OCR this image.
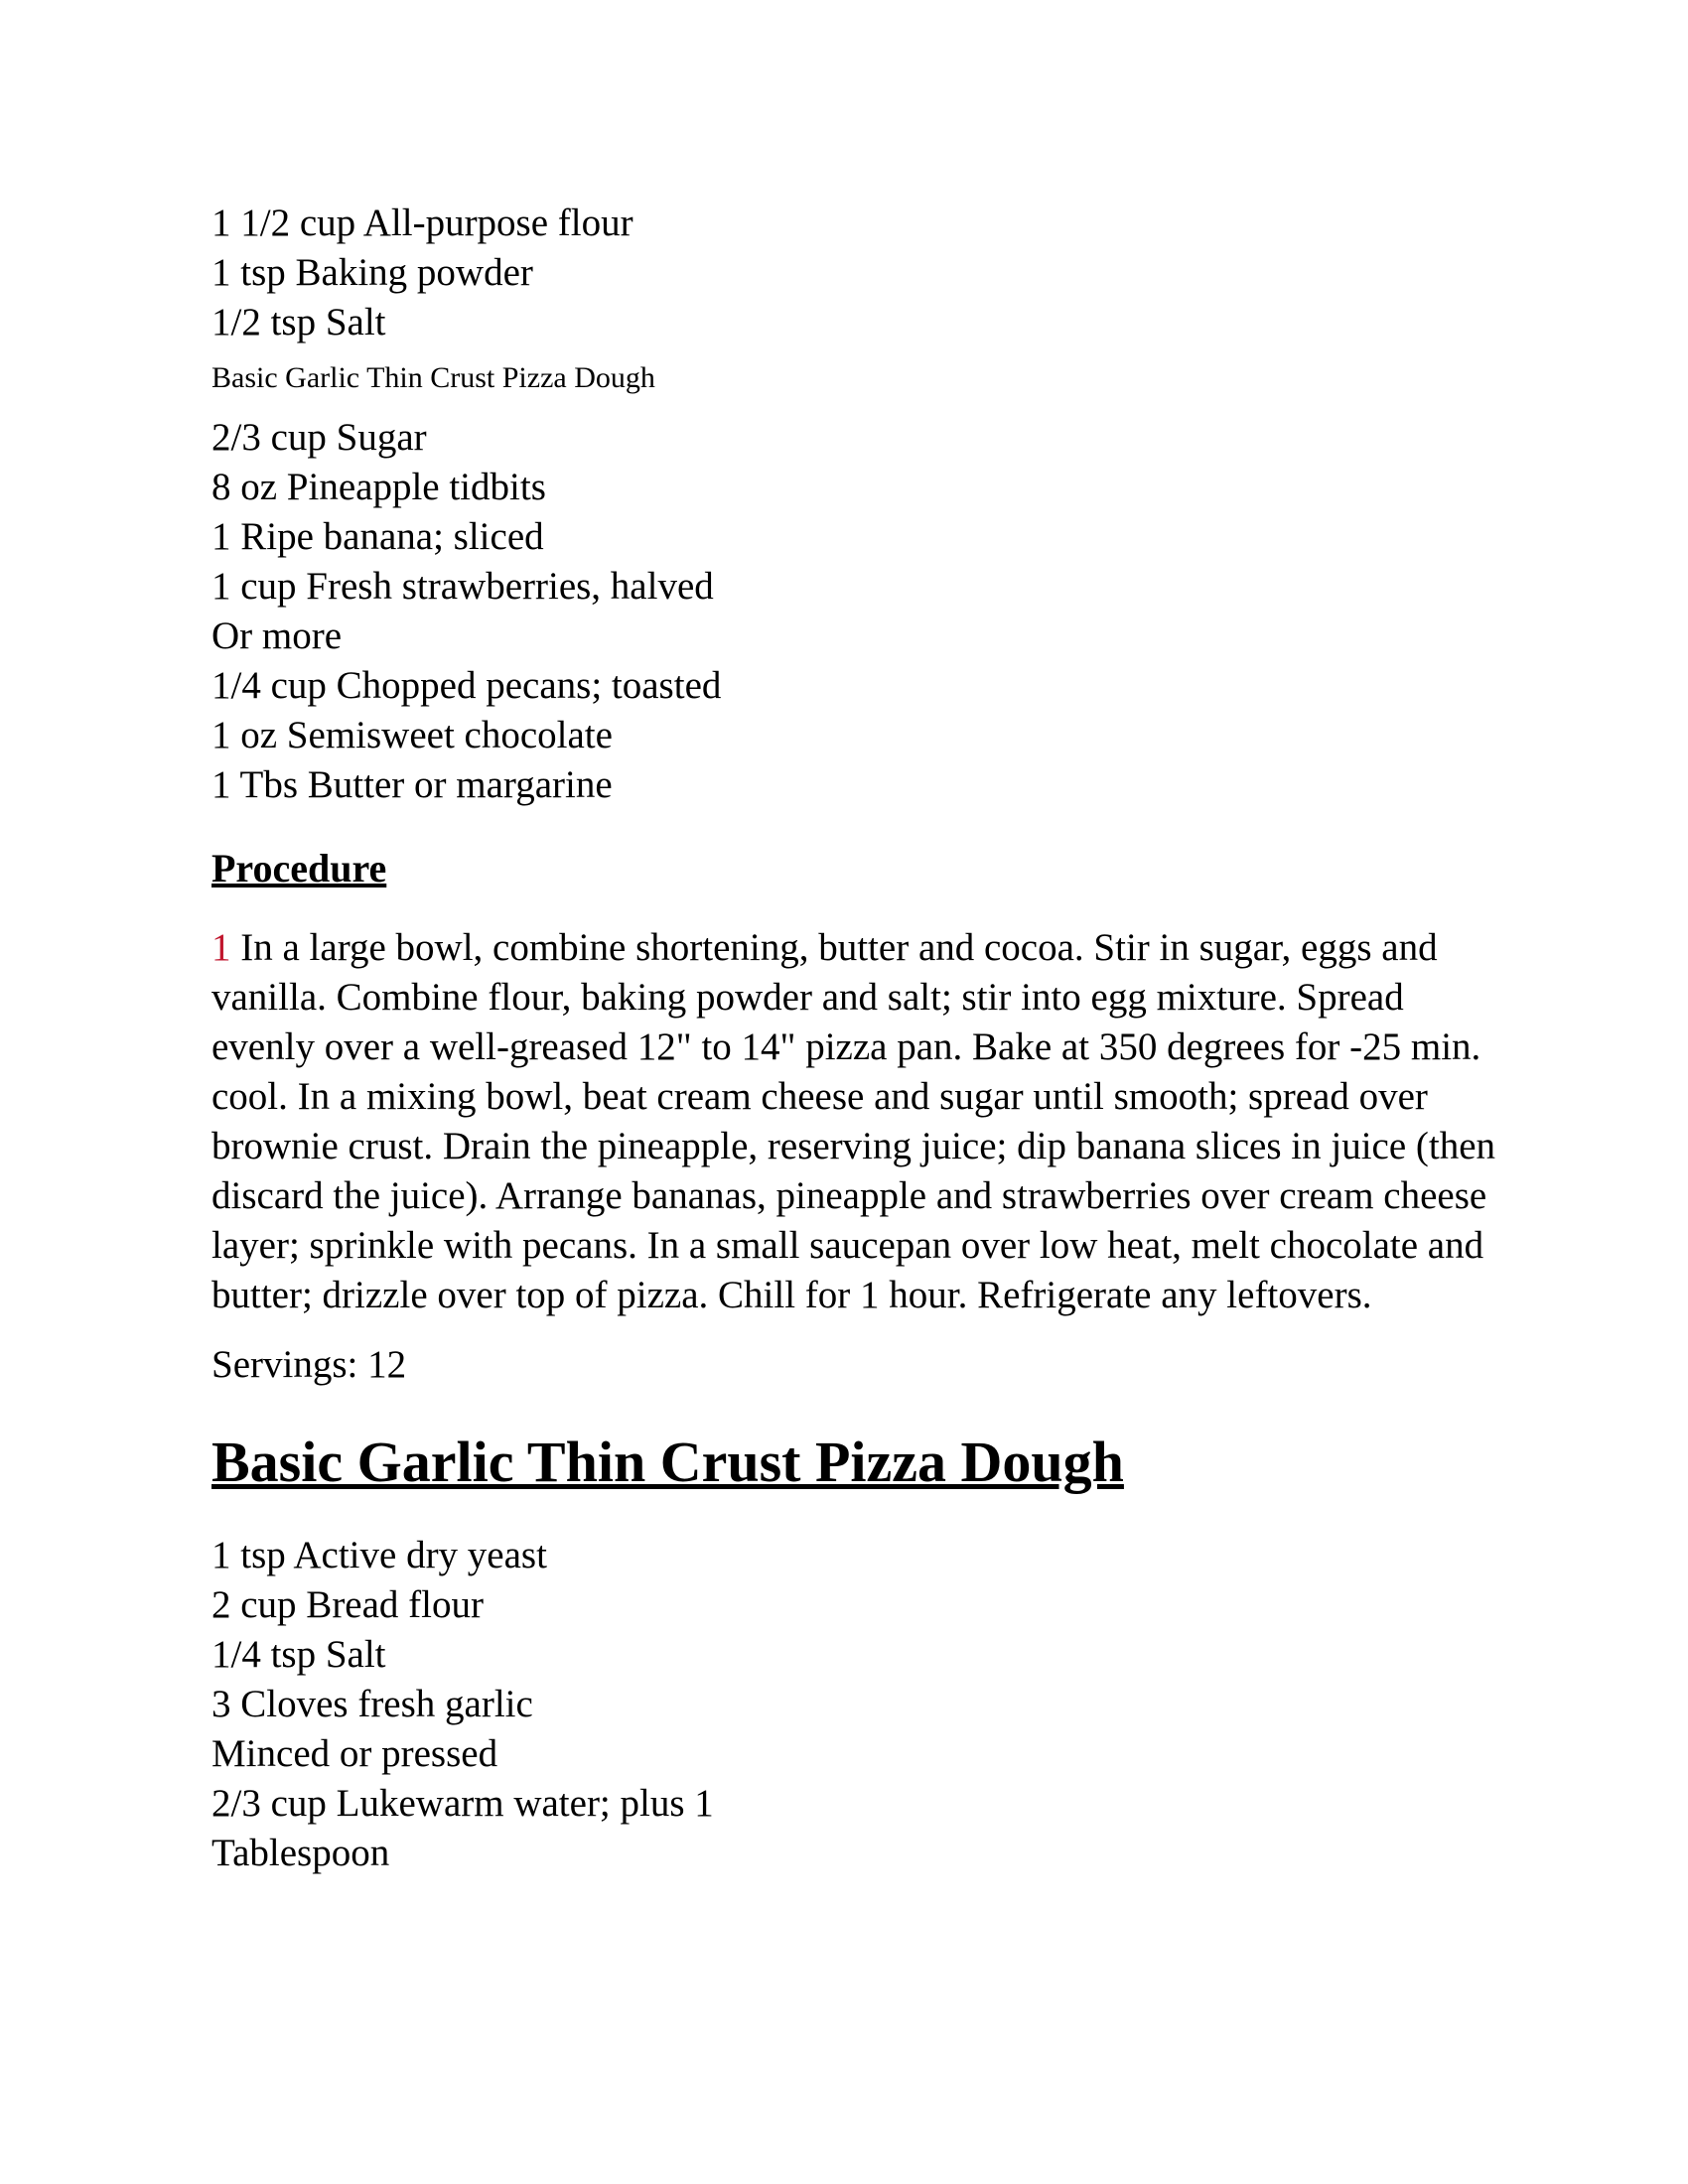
1 1/2 cup All-purpose flour

1 tsp Baking powder

1/2 tsp Salt

Basic Garlic Thin Crust Pizza Dough

2/3 cup Sugar

8 oz Pineapple tidbits

1 Ripe banana; sliced

1 cup Fresh strawberries, halved

Or more

1/4 cup Chopped pecans; toasted

1 oz Semisweet chocolate

1 Tbs Butter or margarine

Procedure

1 In a large bowl, combine shortening, butter and cocoa. Stir in sugar, eggs and vanilla. Combine flour, baking powder and salt; stir into egg mixture. Spread evenly over a well-greased 12" to 14" pizza pan. Bake at 350 degrees for -25 min. cool. In a mixing bowl, beat cream cheese and sugar until smooth; spread over brownie crust. Drain the pineapple, reserving juice; dip banana slices in juice (then discard the juice). Arrange bananas, pineapple and strawberries over cream cheese layer; sprinkle with pecans. In a small saucepan over low heat, melt chocolate and butter; drizzle over top of pizza. Chill for 1 hour. Refrigerate any leftovers.

Servings: 12

Basic Garlic Thin Crust Pizza Dough

1 tsp Active dry yeast

2 cup Bread flour

1/4 tsp Salt

3 Cloves fresh garlic

Minced or pressed

2/3 cup Lukewarm water; plus 1

Tablespoon
